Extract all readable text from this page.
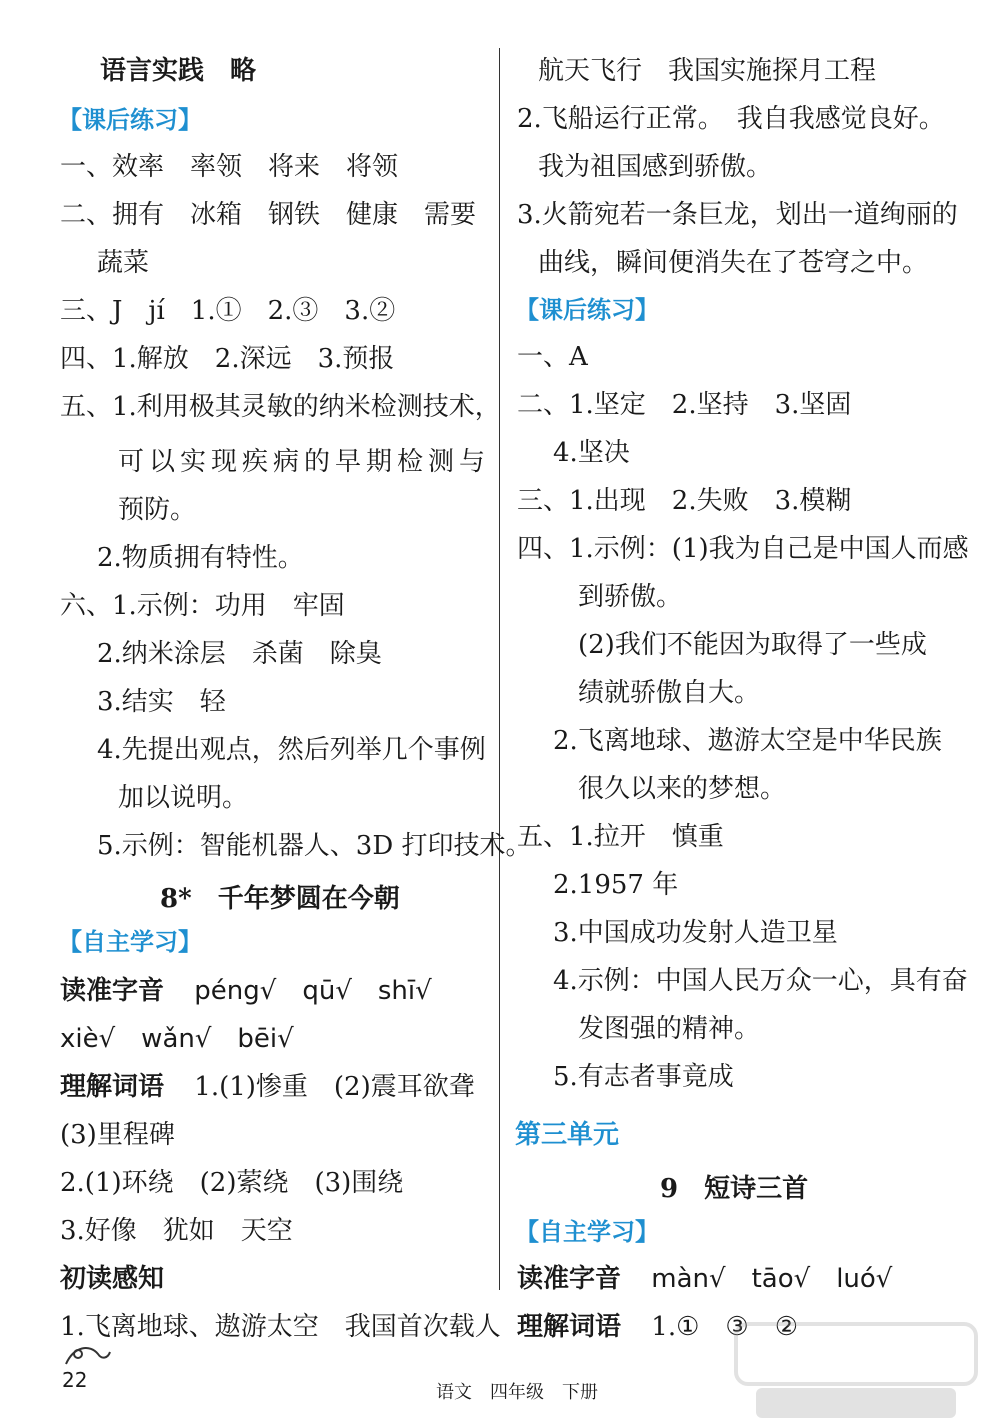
语言实践　略
【课后练习】
一、效率　率领　将来　将领
二、拥有　冰箱　钢铁　健康　需要
蔬菜
三、J　jí　1.①　2.③　3.②
四、1.解放　2.深远　3.预报
五、1.利用极其灵敏的纳米检测技术，
可以实现疾病的早期检测与
预防。
2.物质拥有特性。
六、1.示例：功用　牢固
2.纳米涂层　杀菌　除臭
3.结实　轻
4.先提出观点，然后列举几个事例
加以说明。
5.示例：智能机器人、3D 打印技术。
8*　千年梦圆在今朝
【自主学习】
读准字音 péng√　qū√　shī√
xiè√　wǎn√　bēi√
理解词语 1.(1)惨重　(2)震耳欲聋
(3)里程碑
2.(1)环绕　(2)萦绕　(3)围绕
3.好像　犹如　天空
初读感知
1.飞离地球、遨游太空　我国首次载人
航天飞行　我国实施探月工程
2.飞船运行正常。　我自我感觉良好。
我为祖国感到骄傲。
3.火箭宛若一条巨龙，划出一道绚丽的
曲线，瞬间便消失在了苍穹之中。
【课后练习】
一、A
二、1.坚定　2.坚持　3.坚固
4.坚决
三、1.出现　2.失败　3.模糊
四、1.示例：(1)我为自己是中国人而感
到骄傲。
(2)我们不能因为取得了一些成
绩就骄傲自大。
2.飞离地球、遨游太空是中华民族
很久以来的梦想。
五、1.拉开　慎重
2.1957 年
3.中国成功发射人造卫星
4.示例：中国人民万众一心，具有奋
发图强的精神。
5.有志者事竟成
第三单元
9　短诗三首
【自主学习】
读准字音 màn√　tāo√　luó√
理解词语 1.①　③　②
22
语文　四年级　下册
